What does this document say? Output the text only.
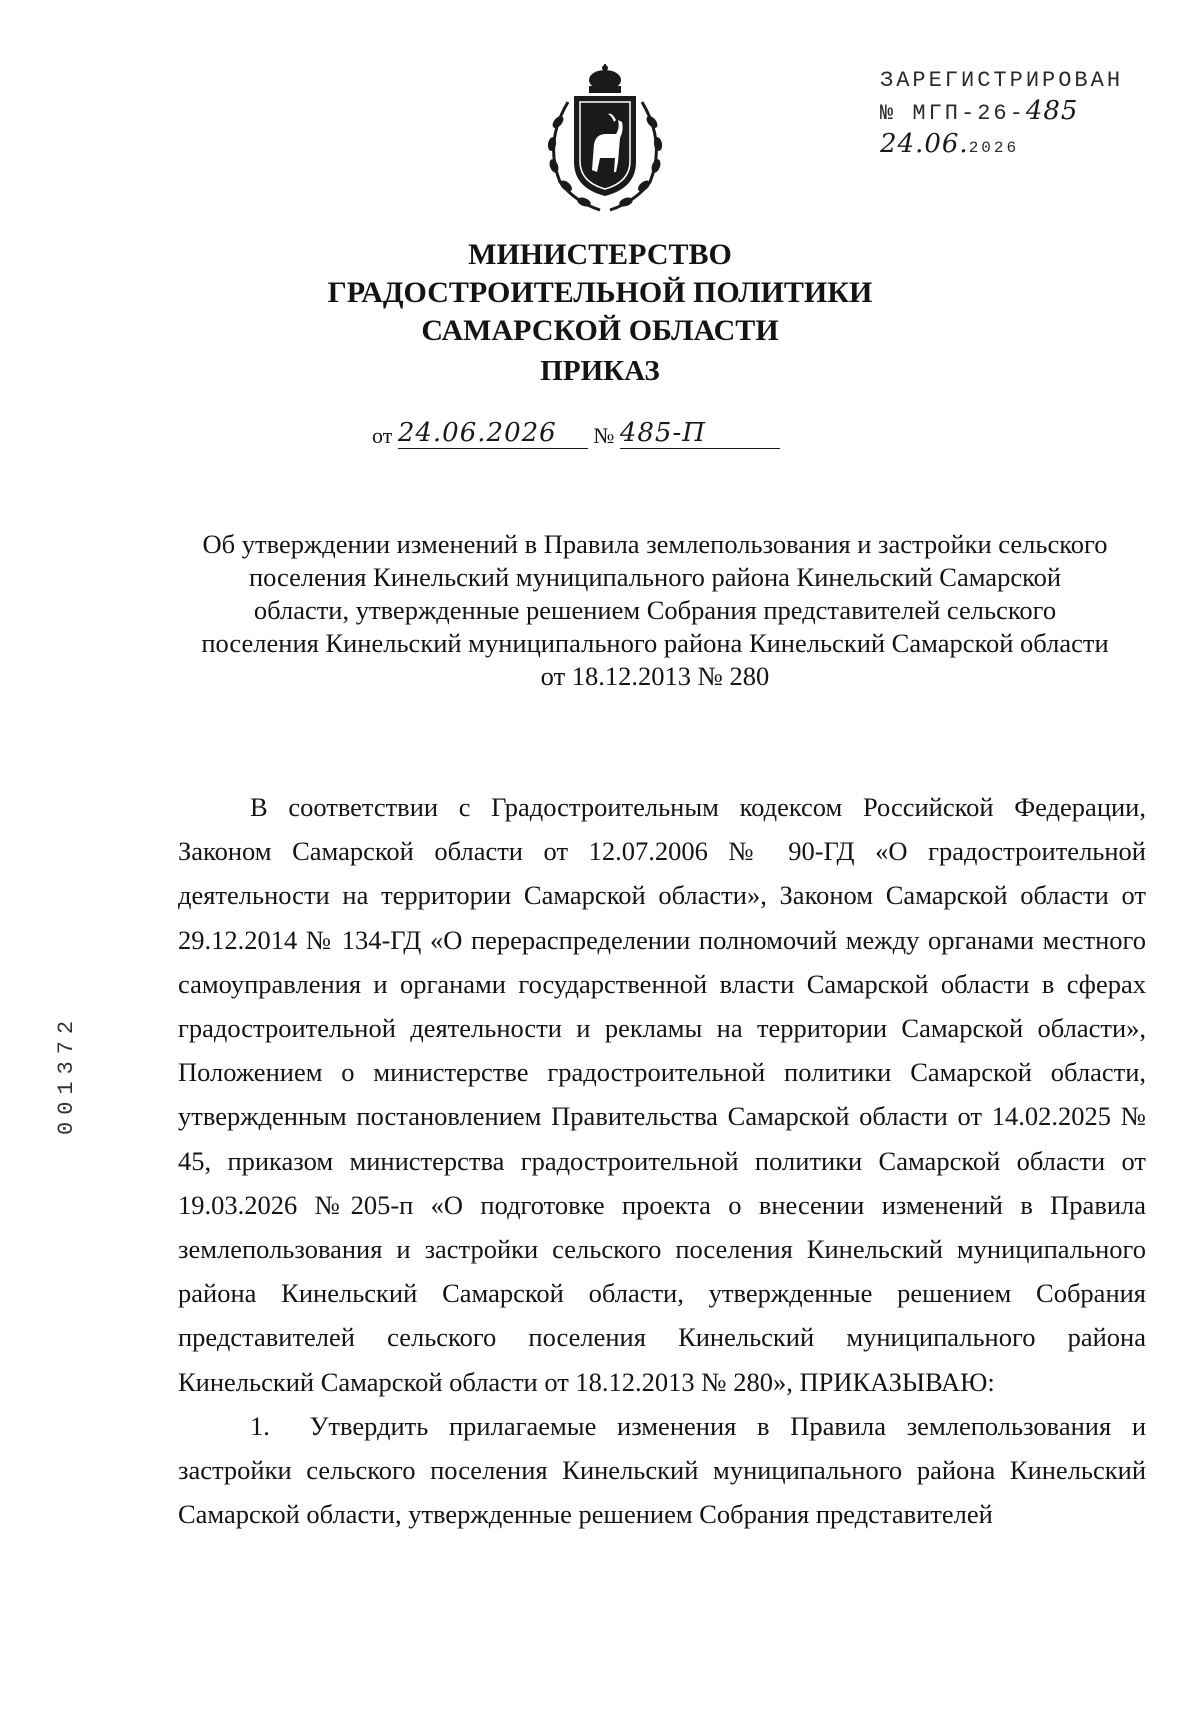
ЗАРЕГИСТРИРОВАН
№ МГП-26-485
24.06.2026
МИНИСТЕРСТВО
ГРАДОСТРОИТЕЛЬНОЙ ПОЛИТИКИ
САМАРСКОЙ ОБЛАСТИ
ПРИКАЗ
от 24.06.2026 № 485-П
Об утверждении изменений в Правила землепользования и застройки сельского
поселения Кинельский муниципального района Кинельский Самарской
области, утвержденные решением Собрания представителей сельского
поселения Кинельский муниципального района Кинельский Самарской области
от 18.12.2013 № 280

В соответствии с Градостроительным кодексом Российской Федерации, Законом Самарской области от 12.07.2006 № 90-ГД «О градостроительной деятельности на территории Самарской области», Законом Самарской области от 29.12.2014 № 134-ГД «О перераспределении полномочий между органами местного самоуправления и органами государственной власти Самарской области в сферах градостроительной деятельности и рекламы на территории Самарской области», Положением о министерстве градостроительной политики Самарской области, утвержденным постановлением Правительства Самарской области от 14.02.2025 № 45, приказом министерства градостроительной политики Самарской области от 19.03.2026 №205-п «О подготовке проекта о внесении изменений в Правила землепользования и застройки сельского поселения Кинельский муниципального района Кинельский Самарской области, утвержденные решением Собрания представителей сельского поселения Кинельский муниципального района Кинельский Самарской области от 18.12.2013 № 280», ПРИКАЗЫВАЮ:

1.  Утвердить прилагаемые изменения в Правила землепользования и застройки сельского поселения Кинельский муниципального района Кинельский Самарской области, утвержденные решением Собрания представителей

001372
